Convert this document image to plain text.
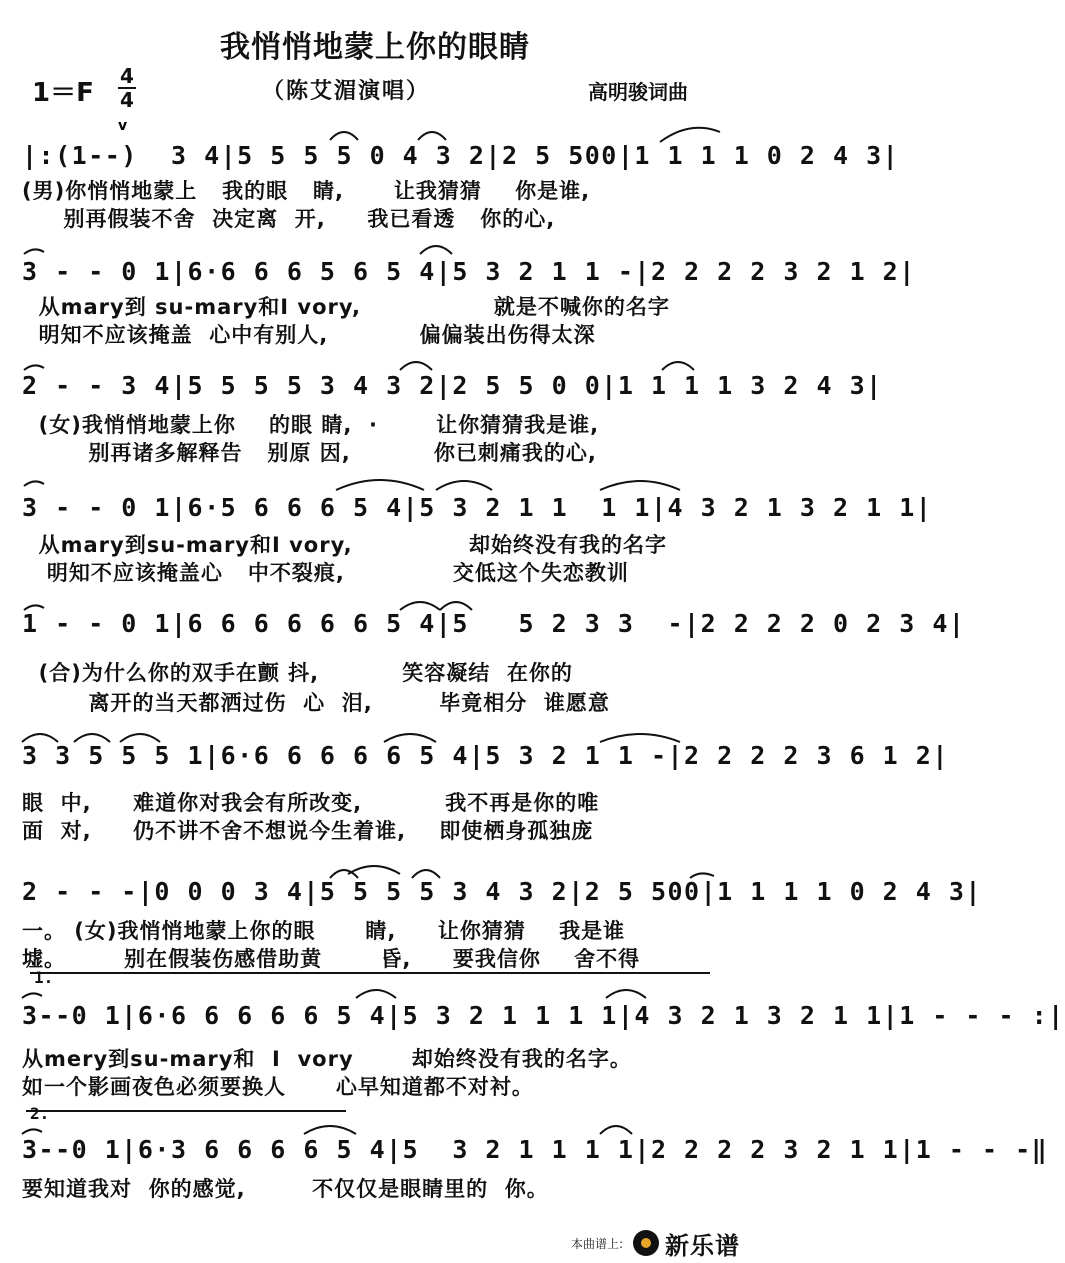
我悄悄地蒙上你的眼睛
1＝F
4
4	（陈艾湄演唱）	高明骏词曲
v
|:(1--)  3 4|5 5 5 5 0 4 3 2|2 5 500|1 1 1 1 0 2 4 3|
(男)你悄悄地蒙上   我的眼   睛,      让我猜猜    你是谁,
别再假装不舍  决定离  开,     我已看透   你的心,
3 - - 0 1|6·6 6 6 5 6 5 4|5 3 2 1 1 -|2 2 2 2 3 2 1 2|
从mary到 su-mary和I vory,                就是不喊你的名字
明知不应该掩盖  心中有别人,           偏偏装出伤得太深
2 - - 3 4|5 5 5 5 3 4 3 2|2 5 5 0 0|1 1 1 1 3 2 4 3|
(女)我悄悄地蒙上你    的眼 睛,  ·       让你猜猜我是谁,
别再诸多解释告   别原 因,          你已刺痛我的心,
3 - - 0 1|6·5 6 6 6 5 4|5 3 2 1 1  1 1|4 3 2 1 3 2 1 1|
从mary到su-mary和I vory,              却始终没有我的名字
明知不应该掩盖心   中不裂痕,             交低这个失恋教训
1 - - 0 1|6 6 6 6 6 6 5 4|5   5 2 3 3  -|2 2 2 2 0 2 3 4|
(合)为什么你的双手在颤 抖,          笑容凝结  在你的
离开的当天都洒过伤  心  泪,        毕竟相分  谁愿意
3 3 5 5 5 1|6·6 6 6 6 6 5 4|5 3 2 1 1 -|2 2 2 2 3 6 1 2|
眼  中,     难道你对我会有所改变,          我不再是你的唯
面  对,     仍不讲不舍不想说今生着谁,    即使栖身孤独庞
2 - - -|0 0 0 3 4|5 5 5 5 3 4 3 2|2 5 500|1 1 1 1 0 2 4 3|
一。 (女)我悄悄地蒙上你的眼      睛,     让你猜猜    我是谁
墟。       别在假装伤感借助黄       昏,     要我信你    舍不得
1.
3--0 1|6·6 6 6 6 6 5 4|5 3 2 1 1 1 1|4 3 2 1 3 2 1 1|1 - - - :|
从mery到su-mary和  I  vory       却始终没有我的名字。
如一个影画夜色必须要换人      心早知道都不对衬。
2.
3--0 1|6·3 6 6 6 6 5 4|5  3 2 1 1 1 1|2 2 2 2 3 2 1 1|1 - - -‖
要知道我对  你的感觉,        不仅仅是眼睛里的  你。
本曲谱上: 新乐谱
